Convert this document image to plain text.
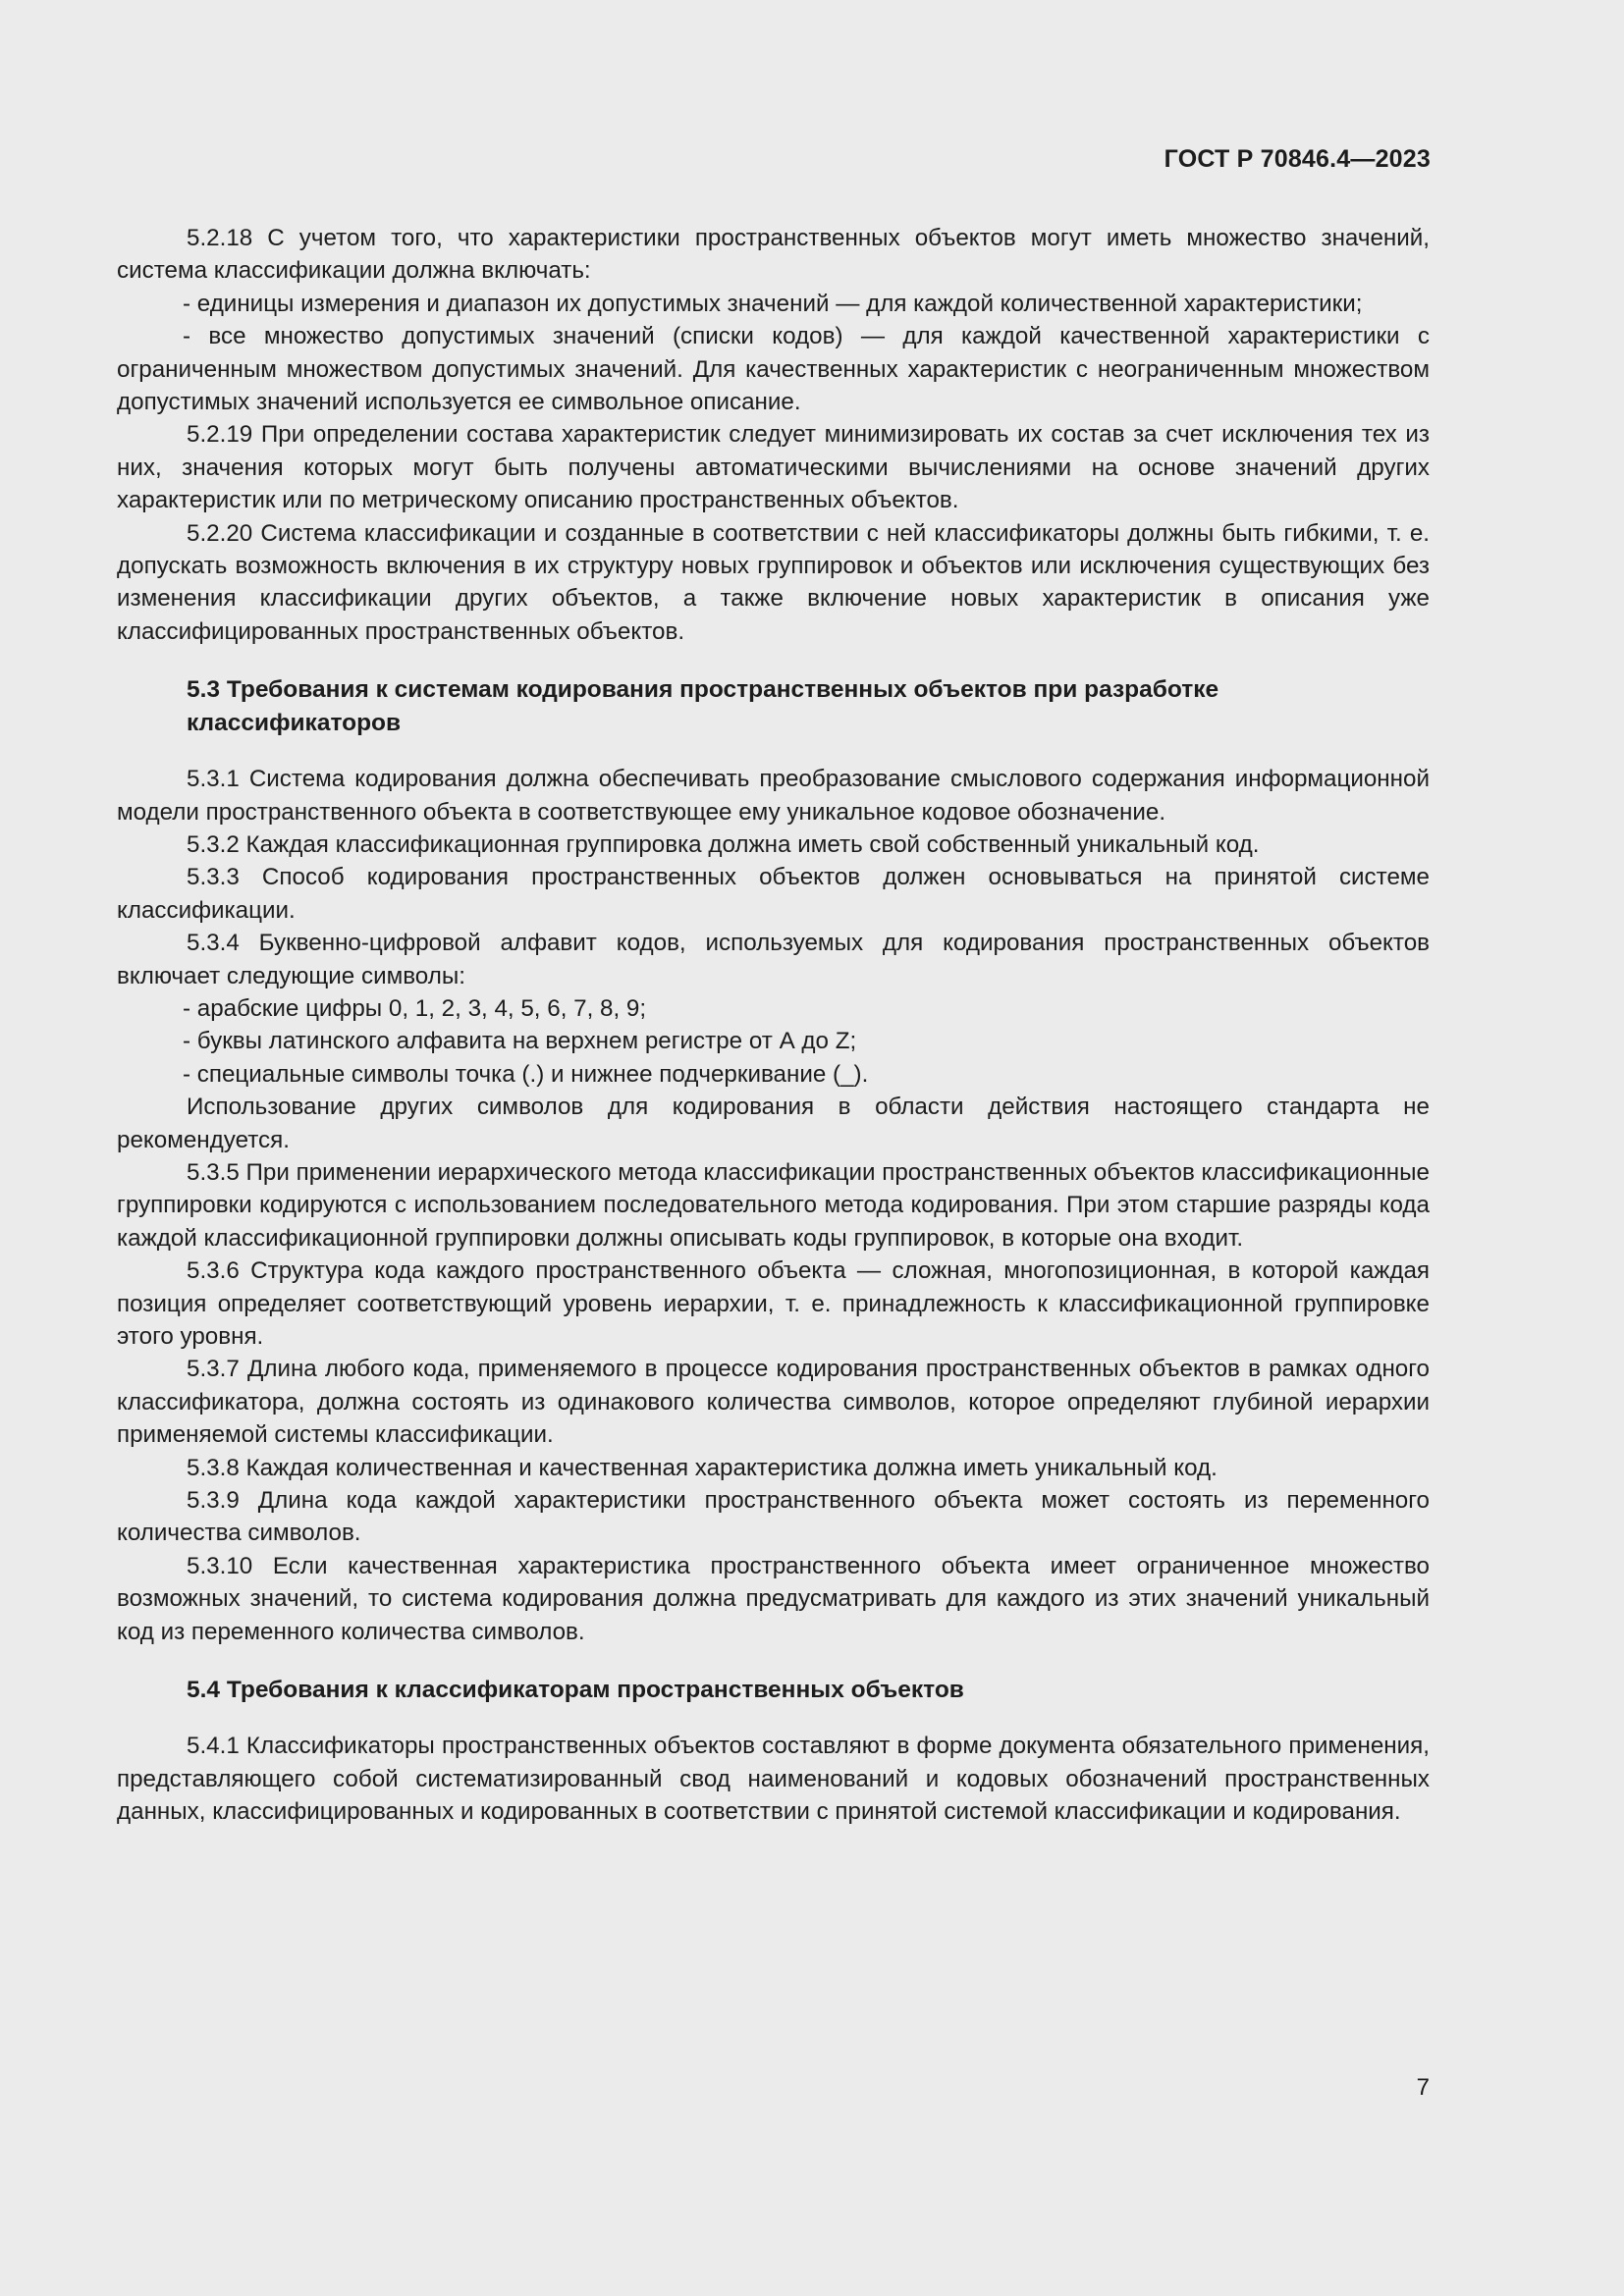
ГОСТ Р 70846.4—2023

5.2.18 С учетом того, что характеристики пространственных объектов могут иметь множество значений, система классификации должна включать:

- единицы измерения и диапазон их допустимых значений — для каждой количественной характеристики;

- все множество допустимых значений (списки кодов) — для каждой качественной характеристики с ограниченным множеством допустимых значений. Для качественных характеристик с неограниченным множеством допустимых значений используется ее символьное описание.

5.2.19 При определении состава характеристик следует минимизировать их состав за счет исключения тех из них, значения которых могут быть получены автоматическими вычислениями на основе значений других характеристик или по метрическому описанию пространственных объектов.

5.2.20 Система классификации и созданные в соответствии с ней классификаторы должны быть гибкими, т. е. допускать возможность включения в их структуру новых группировок и объектов или исключения существующих без изменения классификации других объектов, а также включение новых характеристик в описания уже классифицированных пространственных объектов.

5.3 Требования к системам кодирования пространственных объектов при разработке классификаторов

5.3.1 Система кодирования должна обеспечивать преобразование смыслового содержания информационной модели пространственного объекта в соответствующее ему уникальное кодовое обозначение.

5.3.2 Каждая классификационная группировка должна иметь свой собственный уникальный код.

5.3.3 Способ кодирования пространственных объектов должен основываться на принятой системе классификации.

5.3.4 Буквенно-цифровой алфавит кодов, используемых для кодирования пространственных объектов включает следующие символы:

- арабские цифры 0, 1, 2, 3, 4, 5, 6, 7, 8, 9;

- буквы латинского алфавита на верхнем регистре от А до Z;

- специальные символы точка (.) и нижнее подчеркивание (_).

Использование других символов для кодирования в области действия настоящего стандарта не рекомендуется.

5.3.5 При применении иерархического метода классификации пространственных объектов классификационные группировки кодируются с использованием последовательного метода кодирования. При этом старшие разряды кода каждой классификационной группировки должны описывать коды группировок, в которые она входит.

5.3.6 Структура кода каждого пространственного объекта — сложная, многопозиционная, в которой каждая позиция определяет соответствующий уровень иерархии, т. е. принадлежность к классификационной группировке этого уровня.

5.3.7 Длина любого кода, применяемого в процессе кодирования пространственных объектов в рамках одного классификатора, должна состоять из одинакового количества символов, которое определяют глубиной иерархии применяемой системы классификации.

5.3.8 Каждая количественная и качественная характеристика должна иметь уникальный код.

5.3.9 Длина кода каждой характеристики пространственного объекта может состоять из переменного количества символов.

5.3.10 Если качественная характеристика пространственного объекта имеет ограниченное множество возможных значений, то система кодирования должна предусматривать для каждого из этих значений уникальный код из переменного количества символов.

5.4 Требования к классификаторам пространственных объектов

5.4.1 Классификаторы пространственных объектов составляют в форме документа обязательного применения, представляющего собой систематизированный свод наименований и кодовых обозначений пространственных данных, классифицированных и кодированных в соответствии с принятой системой классификации и кодирования.

7
